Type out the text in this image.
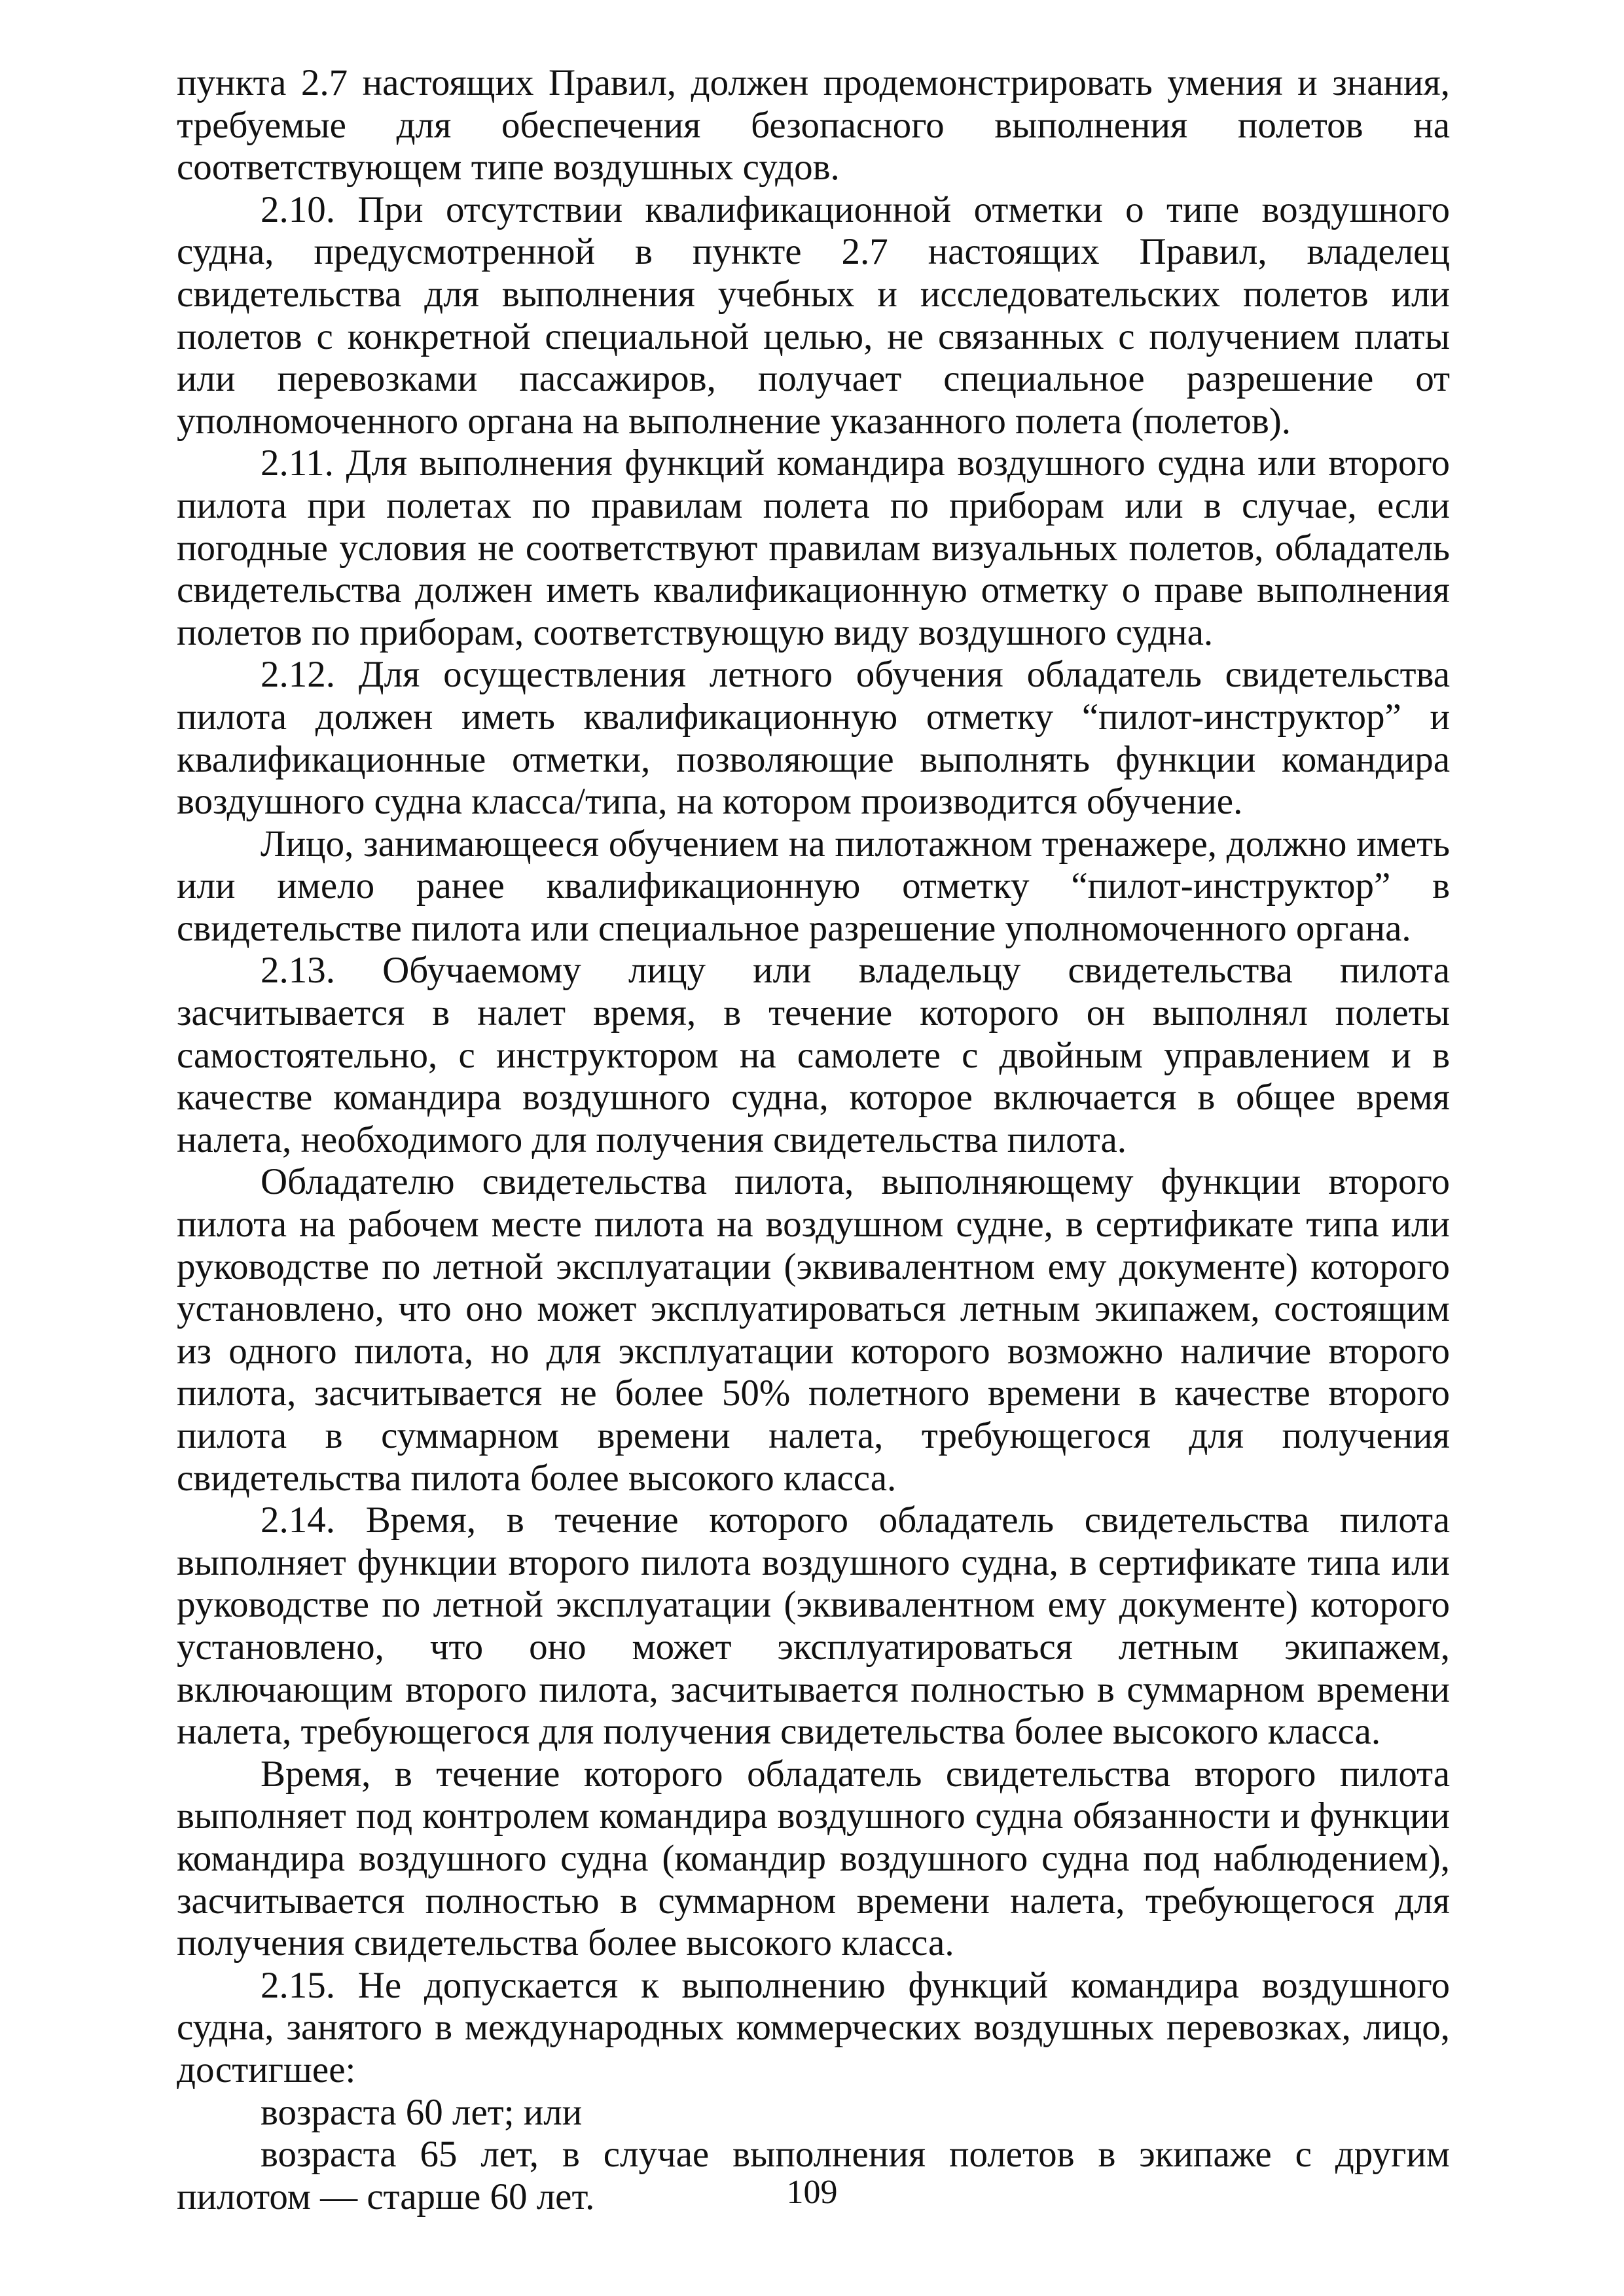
пункта 2.7 настоящих Правил, должен продемонстрировать умения и знания, требуемые для обеспечения безопасного выполнения полетов на соответствующем типе воздушных судов.

2.10. При отсутствии квалификационной отметки о типе воздушного судна, предусмотренной в пункте 2.7 настоящих Правил, владелец свидетельства для выполнения учебных и исследовательских полетов или полетов с конкретной специальной целью, не связанных с получением платы или перевозками пассажиров, получает специальное разрешение от уполномоченного органа на выполнение указанного полета (полетов).

2.11. Для выполнения функций командира воздушного судна или второго пилота при полетах по правилам полета по приборам или в случае, если погодные условия не соответствуют правилам визуальных полетов, обладатель свидетельства должен иметь квалификационную отметку о праве выполнения полетов по приборам, соответствующую виду воздушного судна.

2.12. Для осуществления летного обучения обладатель свидетельства пилота должен иметь квалификационную отметку “пилот-инструктор” и квалификационные отметки, позволяющие выполнять функции командира воздушного судна класса/типа, на котором производится обучение.

Лицо, занимающееся обучением на пилотажном тренажере, должно иметь или имело ранее квалификационную отметку “пилот-инструктор” в свидетельстве пилота или специальное разрешение уполномоченного органа.

2.13. Обучаемому лицу или владельцу свидетельства пилота засчитывается в налет время, в течение которого он выполнял полеты самостоятельно, с инструктором на самолете с двойным управлением и в качестве командира воздушного судна, которое включается в общее время налета, необходимого для получения свидетельства пилота.

Обладателю свидетельства пилота, выполняющему функции второго пилота на рабочем месте пилота на воздушном судне, в сертификате типа или руководстве по летной эксплуатации (эквивалентном ему документе) которого установлено, что оно может эксплуатироваться летным экипажем, состоящим из одного пилота, но для эксплуатации которого возможно наличие второго пилота, засчитывается не более 50% полетного времени в качестве второго пилота в суммарном времени налета, требующегося для получения свидетельства пилота более высокого класса.

2.14. Время, в течение которого обладатель свидетельства пилота выполняет функции второго пилота воздушного судна, в сертификате типа или руководстве по летной эксплуатации (эквивалентном ему документе) которого установлено, что оно может эксплуатироваться летным экипажем, включающим второго пилота, засчитывается полностью в суммарном времени налета, требующегося для получения свидетельства более высокого класса.

Время, в течение которого обладатель свидетельства второго пилота выполняет под контролем командира воздушного судна обязанности и функции командира воздушного судна (командир воздушного судна под наблюдением), засчитывается полностью в суммарном времени налета, требующегося для получения свидетельства более высокого класса.

2.15. Не допускается к выполнению функций командира воздушного судна, занятого в международных коммерческих воздушных перевозках, лицо, достигшее:

возраста 60 лет; или

возраста 65 лет, в случае выполнения полетов в экипаже с другим пилотом — старше 60 лет.	109
